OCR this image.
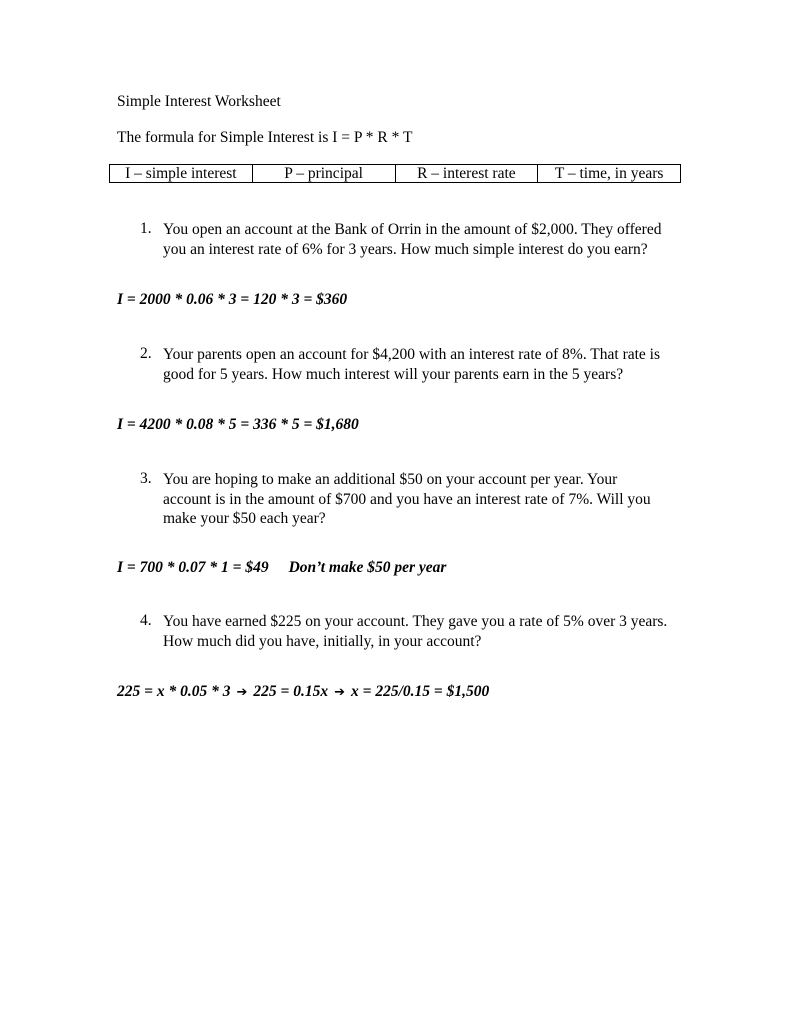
Simple Interest Worksheet
The formula for Simple Interest is I = P * R * T
I – simple interest	P – principal	R – interest rate	T – time, in years
1. You open an account at the Bank of Orrin in the amount of $2,000. They offered
you an interest rate of 6% for 3 years. How much simple interest do you earn?
I = 2000 * 0.06 * 3 = 120 * 3 = $360
2. Your parents open an account for $4,200 with an interest rate of 8%. That rate is
good for 5 years. How much interest will your parents earn in the 5 years?
I = 4200 * 0.08 * 5 = 336 * 5 = $1,680
3. You are hoping to make an additional $50 on your account per year. Your
account is in the amount of $700 and you have an interest rate of 7%. Will you
make your $50 each year?
I = 700 * 0.07 * 1 = $49 Don’t make $50 per year
4. You have earned $225 on your account. They gave you a rate of 5% over 3 years.
How much did you have, initially, in your account?
225 = x * 0.05 * 3 ➔ 225 = 0.15x ➔ x = 225/0.15 = $1,500
